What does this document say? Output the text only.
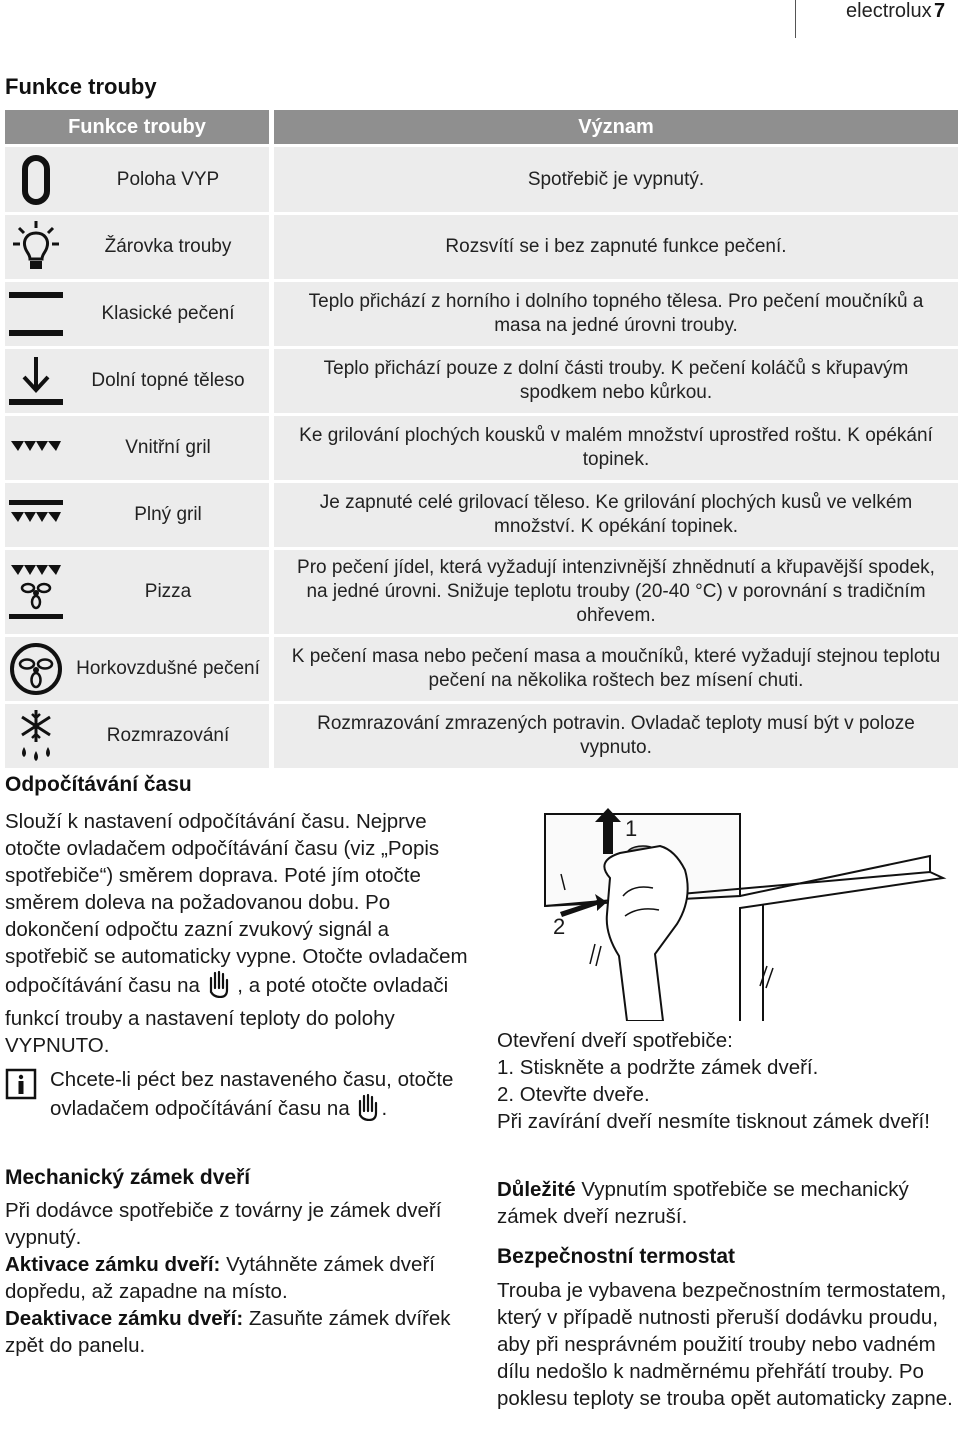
electrolux 7
Funkce trouby
Funkce trouby		Význam

	Poloha VYP	Spotřebič je vypnutý.

	Žárovka trouby	Rozsvítí se i bez zapnuté funkce pečení.

	Klasické pečení	Teplo přichází z horního i dolního topného tělesa. Pro pečení moučníků a masa na jedné úrovni trouby.

	Dolní topné těleso	Teplo přichází pouze z dolní části trouby. K pečení koláčů s křupavým spodkem nebo kůrkou.

	Vnitřní gril	Ke grilování plochých kousků v malém množství uprostřed roštu. K opékání topinek.

	Plný gril	Je zapnuté celé grilovací těleso. Ke grilování plochých kusů ve velkém množství. K opékání topinek.

	Pizza	Pro pečení jídel, která vyžadují intenzivnější zhnědnutí a křupavější spodek, na jedné úrovni. Snižuje teplotu trouby (20-40 °C) v porovnání s tradičním ohřevem.

	Horkovzdušné pečení	K pečení masa nebo pečení masa a moučníků, které vyžadují stejnou teplotu pečení na několika roštech bez mísení chuti.

	Rozmrazování	Rozmrazování zmrazených potravin. Ovladač teploty musí být v poloze vypnuto.
Odpočítávání času
Slouží k nastavení odpočítávání času. Nejprve otočte ovladačem odpočítávání času (viz „Popis spotřebiče“) směrem doprava. Poté jím otočte směrem doleva na požadovanou dobu. Po dokončení odpočtu zazní zvukový signál a spotřebič se automaticky vypne. Otočte ovladačem odpočítávání času na , a poté otočte ovladači funkcí trouby a nastavení teploty do polohy VYPNUTO.
Chcete-li péct bez nastaveného času, otočte ovladačem odpočítávání času na .
Mechanický zámek dveří

Při dodávce spotřebiče z továrny je zámek dveří vypnutý.

Aktivace zámku dveří: Vytáhněte zámek dveří dopředu, až zapadne na místo.

Deaktivace zámku dveří: Zasuňte zámek dvířek zpět do panelu.

1
2

Otevření dveří spotřebiče:

1. Stiskněte a podržte zámek dveří.
2. Otevřte dveře.

Při zavírání dveří nesmíte tisknout zámek dveří!

Důležité Vypnutím spotřebiče se mechanický zámek dveří nezruší.
Bezpečnostní termostat
Trouba je vybavena bezpečnostním termostatem, který v případě nutnosti přeruší dodávku proudu, aby při nesprávném použití trouby nebo vadném dílu nedošlo k nadměrnému přehřátí trouby. Po poklesu teploty se trouba opět automaticky zapne.
